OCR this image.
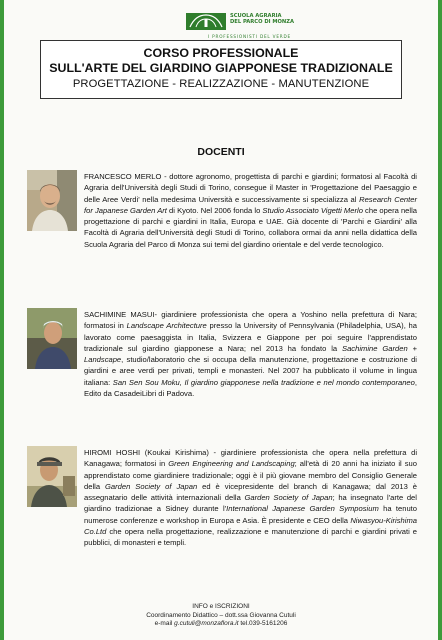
SCUOLA AGRARIA
DEL PARCO DI MONZA
I PROFESSIONISTI DEL VERDE
CORSO PROFESSIONALE
SULL'ARTE DEL GIARDINO GIAPPONESE TRADIZIONALE
PROGETTAZIONE - REALIZZAZIONE - MANUTENZIONE
DOCENTI
FRANCESCO MERLO - dottore agronomo, progettista di parchi e giardini; formatosi al Facoltà di Agraria dell'Università degli Studi di Torino, consegue il Master in 'Progettazione del Paesaggio e delle Aree Verdi' nella medesima Università e successivamente si specializza al Research Center for Japanese Garden Art di Kyoto. Nel 2006 fonda lo Studio Associato Vigetti Merlo che opera nella progettazione di parchi e giardini in Italia, Europa e UAE. Già docente di 'Parchi e Giardini' alla Facoltà di Agraria dell'Università degli Studi di Torino, collabora ormai da anni nella didattica della Scuola Agraria del Parco di Monza sui temi del giardino orientale e del verde tecnologico.
SACHIMINE MASUI- giardiniere professionista che opera a Yoshino nella prefettura di Nara; formatosi in Landscape Architecture presso la University of Pennsylvania (Philadelphia, USA), ha lavorato come paesaggista in Italia, Svizzera e Giappone per poi seguire l'apprendistato tradizionale sul giardino giapponese a Nara; nel 2013 ha fondato la Sachimine Garden + Landscape, studio/laboratorio che si occupa della manutenzione, progettazione e costruzione di giardini e aree verdi per privati, templi e monasteri. Nel 2007 ha pubblicato il volume in lingua italiana: San Sen Sou Moku, Il giardino giapponese nella tradizione e nel mondo contemporaneo, Edito da CasadeiLibri di Padova.
HIROMI HOSHI (Koukai Kirishima) - giardiniere professionista che opera nella prefettura di Kanagawa; formatosi in Green Engineering and Landscaping; all'età di 20 anni ha iniziato il suo apprendistato come giardiniere tradizionale; oggi è il più giovane membro del Consiglio Generale della Garden Society of Japan ed è vicepresidente del branch di Kanagawa; dal 2013 è assegnatario delle attività internazionali della Garden Society of Japan; ha insegnato l'arte del giardino tradizionae a Sidney durante l'International Japanese Garden Symposium ha tenuto numerose conferenze e workshop in Europa e Asia. È presidente e CEO della Niwasyou-Kirishima Co.Ltd che opera nella progettazione, realizzazione e manutenzione di parchi e giardini privati e pubblici, di monasteri e templi.
INFO e ISCRIZIONI
Coordinamento Didattico – dott.ssa Giovanna Cutuli
e-mail g.cutuli@monzaflora.it tel.039-5161206
